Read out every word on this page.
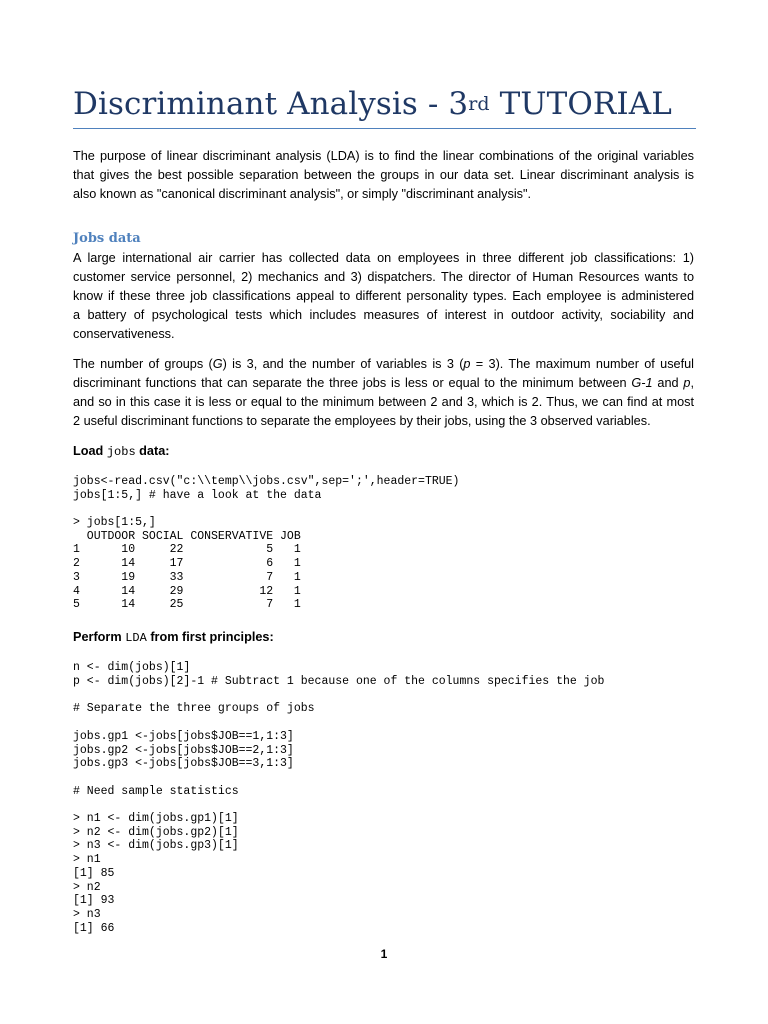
Discriminant Analysis - 3rd TUTORIAL
The purpose of linear discriminant analysis (LDA) is to find the linear combinations of the original variables
that gives the best possible separation between the groups in our data set. Linear discriminant analysis is
also known as "canonical discriminant analysis", or simply "discriminant analysis".
Jobs data
A large international air carrier has collected data on employees in three different job classifications: 1)
customer service personnel, 2) mechanics and 3) dispatchers. The director of Human Resources wants to
know if these three job classifications appeal to different personality types. Each employee is administered
a battery of psychological tests which includes measures of interest in outdoor activity, sociability and
conservativeness.
The number of groups (G) is 3, and the number of variables is 3 (p = 3). The maximum number of useful
discriminant functions that can separate the three jobs is less or equal to the minimum between G-1 and p,
and so in this case it is less or equal to the minimum between 2 and 3, which is 2. Thus, we can find at most
2 useful discriminant functions to separate the employees by their jobs, using the 3 observed variables.
Load jobs data:
jobs<-read.csv("c:\\temp\\jobs.csv",sep=';',header=TRUE)
jobs[1:5,] # have a look at the data
> jobs[1:5,]
OUTDOOR SOCIAL CONSERVATIVE JOB
1      10     22            5   1
2      14     17            6   1
3      19     33            7   1
4      14     29           12   1
5      14     25            7   1
Perform LDA from first principles:
n <- dim(jobs)[1]
p <- dim(jobs)[2]-1 # Subtract 1 because one of the columns specifies the job
# Separate the three groups of jobs
jobs.gp1 <-jobs[jobs$JOB==1,1:3]
jobs.gp2 <-jobs[jobs$JOB==2,1:3]
jobs.gp3 <-jobs[jobs$JOB==3,1:3]
# Need sample statistics
> n1 <- dim(jobs.gp1)[1]
> n2 <- dim(jobs.gp2)[1]
> n3 <- dim(jobs.gp3)[1]
> n1
[1] 85
> n2
[1] 93
> n3
[1] 66
1
